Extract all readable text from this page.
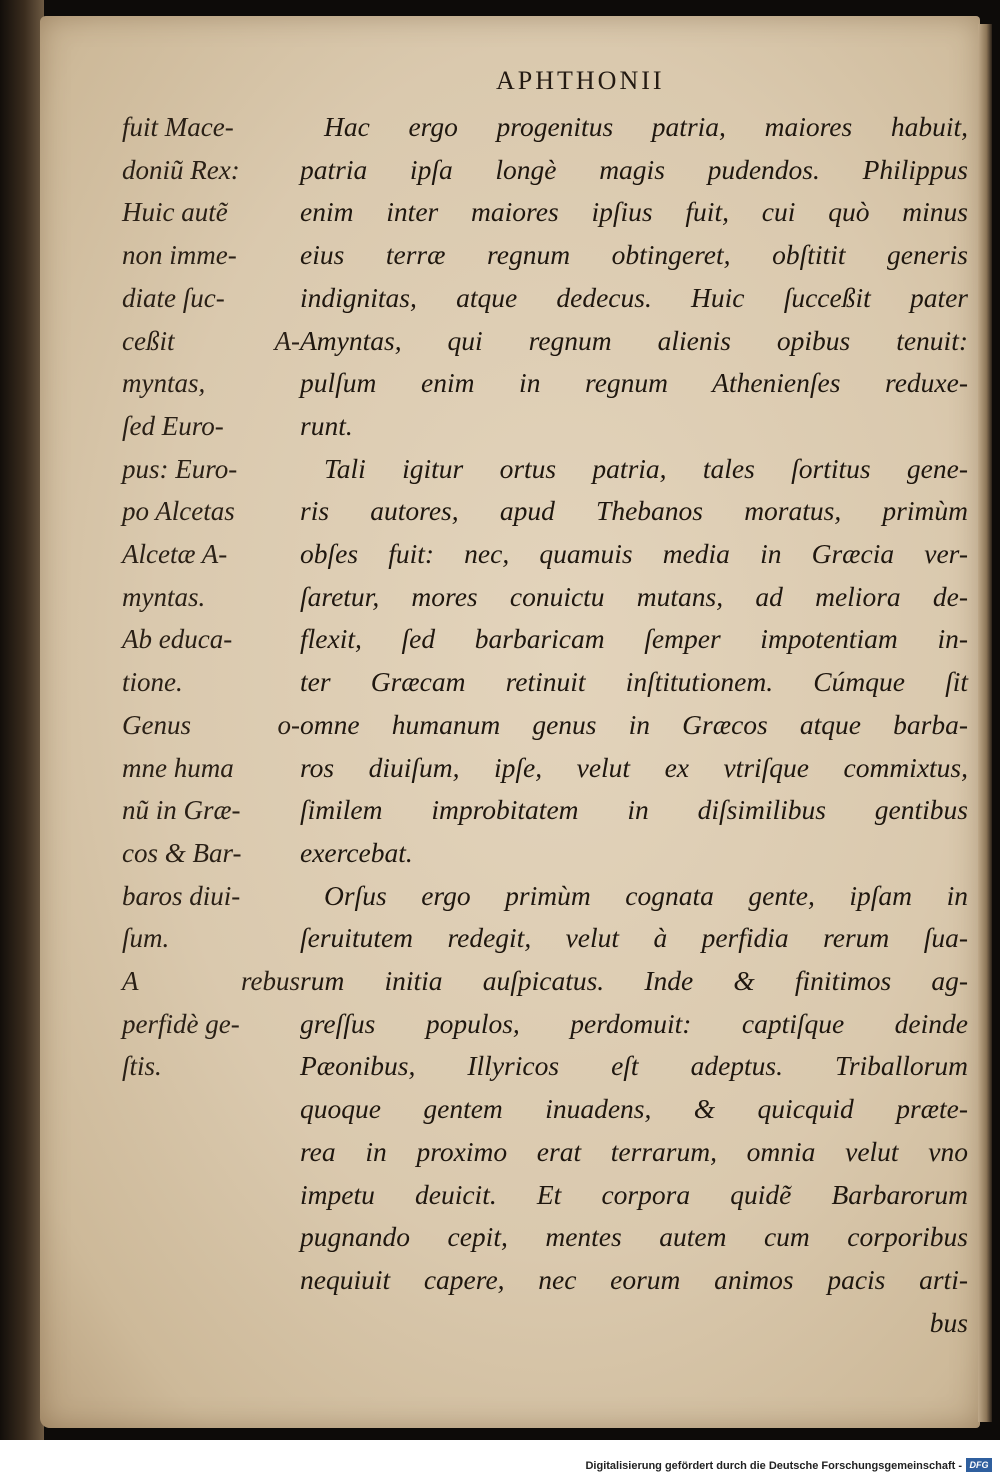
APHTHONII
fuit Mace-
doniũ Rex:
Huic autẽ
non imme-
diate ſuc-
ceßit A-
myntas,
ſed Euro-
pus: Euro-
po Alcetas
Alcetæ A-
myntas.
Ab educa-
tione.
Genus o-
mne huma
nũ in Græ-
cos & Bar-
baros diui-
ſum.
A rebus
perfidè ge-
ſtis.
Hac ergo progenitus patria, maiores habuit,
patria ipſa longè magis pudendos. Philippus
enim inter maiores ipſius fuit, cui quò minus
eius terræ regnum obtingeret, obſtitit generis
indignitas, atque dedecus. Huic ſucceßit pater
Amyntas, qui regnum alienis opibus tenuit:
pulſum enim in regnum Athenienſes reduxe-
runt.
Tali igitur ortus patria, tales ſortitus gene-
ris autores, apud Thebanos moratus, primùm
obſes fuit: nec, quamuis media in Græcia ver-
ſaretur, mores conuictu mutans, ad meliora de-
flexit, ſed barbaricam ſemper impotentiam in-
ter Græcam retinuit inſtitutionem. Cúmque ſit
omne humanum genus in Græcos atque barba-
ros diuiſum, ipſe, velut ex vtriſque commixtus,
ſimilem improbitatem in diſsimilibus gentibus
exercebat.
Orſus ergo primùm cognata gente, ipſam in
ſeruitutem redegit, velut à perfidia rerum ſua-
rum initia auſpicatus. Inde & finitimos ag-
greſſus populos, perdomuit: captiſque deinde
Pæonibus, Illyricos eſt adeptus. Triballorum
quoque gentem inuadens, & quicquid præte-
rea in proximo erat terrarum, omnia velut vno
impetu deuicit. Et corpora quidẽ Barbarorum
pugnando cepit, mentes autem cum corporibus
nequiuit capere, nec eorum animos pacis arti-
bus
Digitalisierung gefördert durch die Deutsche Forschungsgemeinschaft - DFG
